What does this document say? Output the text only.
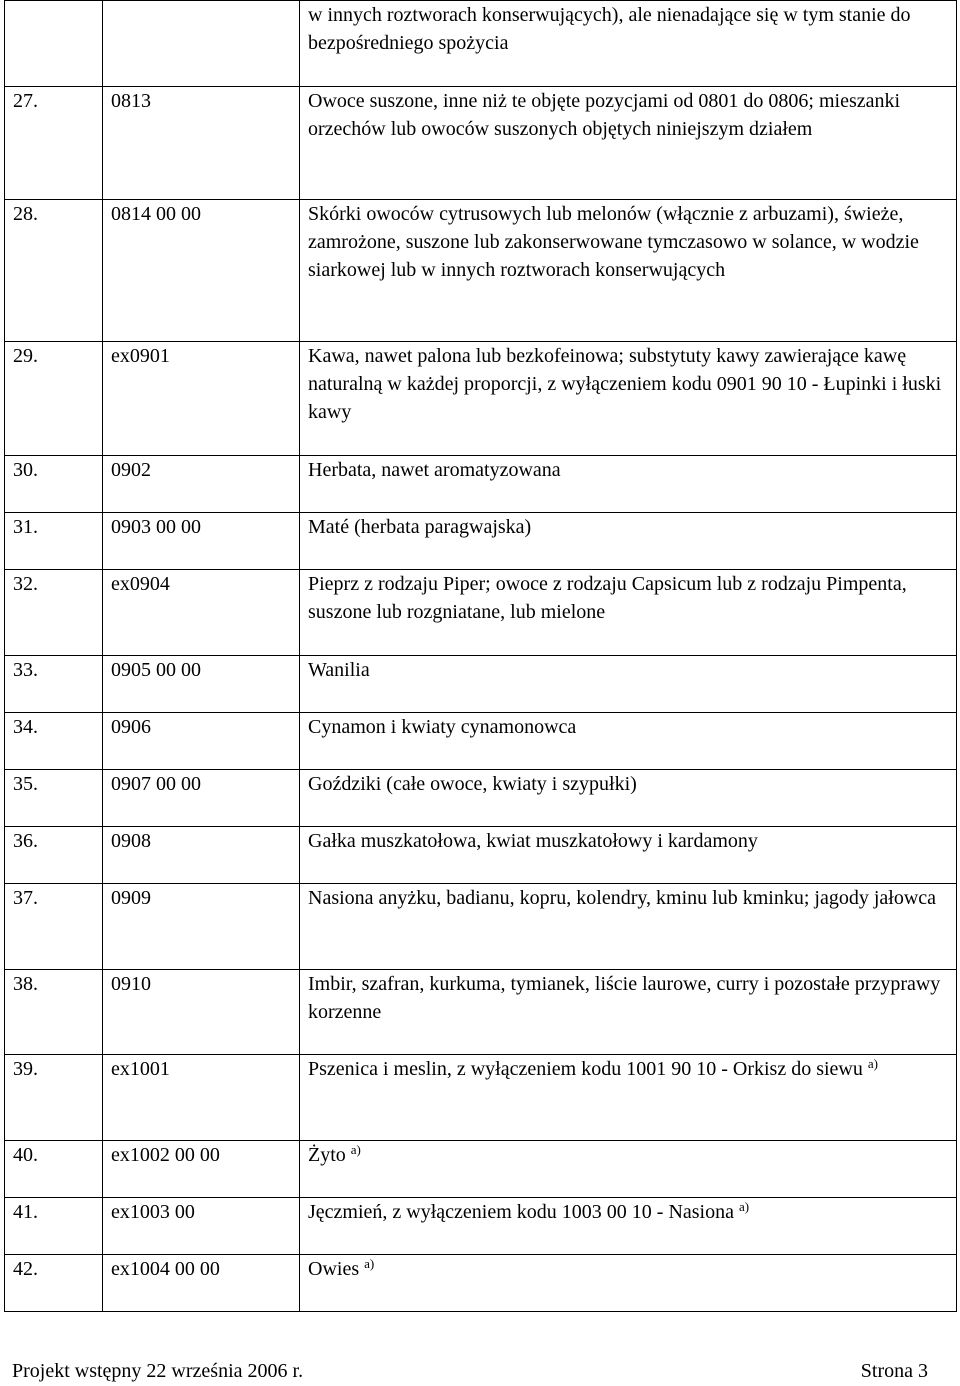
		w innych roztworach konserwujących), ale nienadające się w tym stanie do bezpośredniego spożycia
27.	0813	Owoce suszone, inne niż te objęte pozycjami od 0801 do 0806; mieszanki orzechów lub owoców suszonych objętych niniejszym działem
28.	0814 00 00	Skórki owoców cytrusowych lub melonów (włącznie z arbuzami), świeże, zamrożone, suszone lub zakonserwowane tymczasowo w solance, w wodzie siarkowej lub w innych roztworach konserwujących
29.	ex0901	Kawa, nawet palona lub bezkofeinowa; substytuty kawy zawierające kawę naturalną w każdej proporcji, z wyłączeniem kodu 0901 90 10 - Łupinki i łuski kawy
30.	0902	Herbata, nawet aromatyzowana
31.	0903 00 00	Maté (herbata paragwajska)
32.	ex0904	Pieprz z rodzaju Piper; owoce z rodzaju Capsicum lub z rodzaju Pimpenta, suszone lub rozgniatane, lub mielone
33.	0905 00 00	Wanilia
34.	0906	Cynamon i kwiaty cynamonowca
35.	0907 00 00	Goździki (całe owoce, kwiaty i szypułki)
36.	0908	Gałka muszkatołowa, kwiat muszkatołowy i kardamony
37.	0909	Nasiona anyżku, badianu, kopru, kolendry, kminu lub kminku; jagody jałowca
38.	0910	Imbir, szafran, kurkuma, tymianek, liście laurowe, curry i pozostałe przyprawy korzenne
39.	ex1001	Pszenica i meslin, z wyłączeniem kodu 1001 90 10 - Orkisz do siewu $^{a)}$
40.	ex1002 00 00	Żyto $^{a)}$
41.	ex1003 00	Jęczmień, z wyłączeniem kodu 1003 00 10 - Nasiona $^{a)}$
42.	ex1004 00 00	Owies $^{a)}$
Projekt wstępny 22 września 2006 r.	Strona 3
